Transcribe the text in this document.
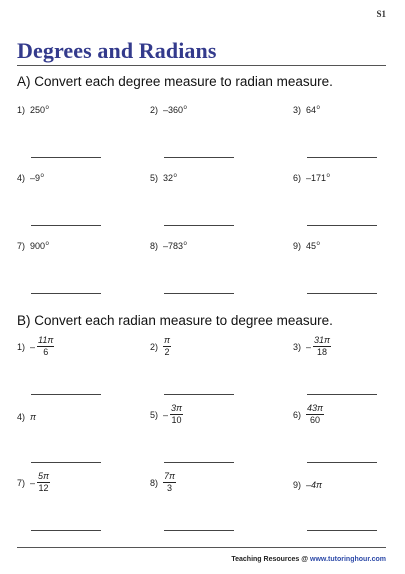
S1
Degrees and Radians
A) Convert each degree measure to radian measure.
1) 250$^o$	2) –360$^o$	3) 64$^o$
4) –9$^o$	5) 32$^o$	6) –171$^o$
7) 900$^o$	8) –783$^o$	9) 45$^o$
B) Convert each radian measure to degree measure.
$1) - \frac{11\pi}{6}$	$2) \frac{\pi}{2}$	$3) - \frac{31\pi}{18}$
4) π	$5) - \frac{3\pi}{10}$	$6) \frac{43\pi}{60}$
$7) - \frac{5\pi}{12}$	$8) \frac{7\pi}{3}$	9) –4π
Teaching Resources @ www.tutoringhour.com
